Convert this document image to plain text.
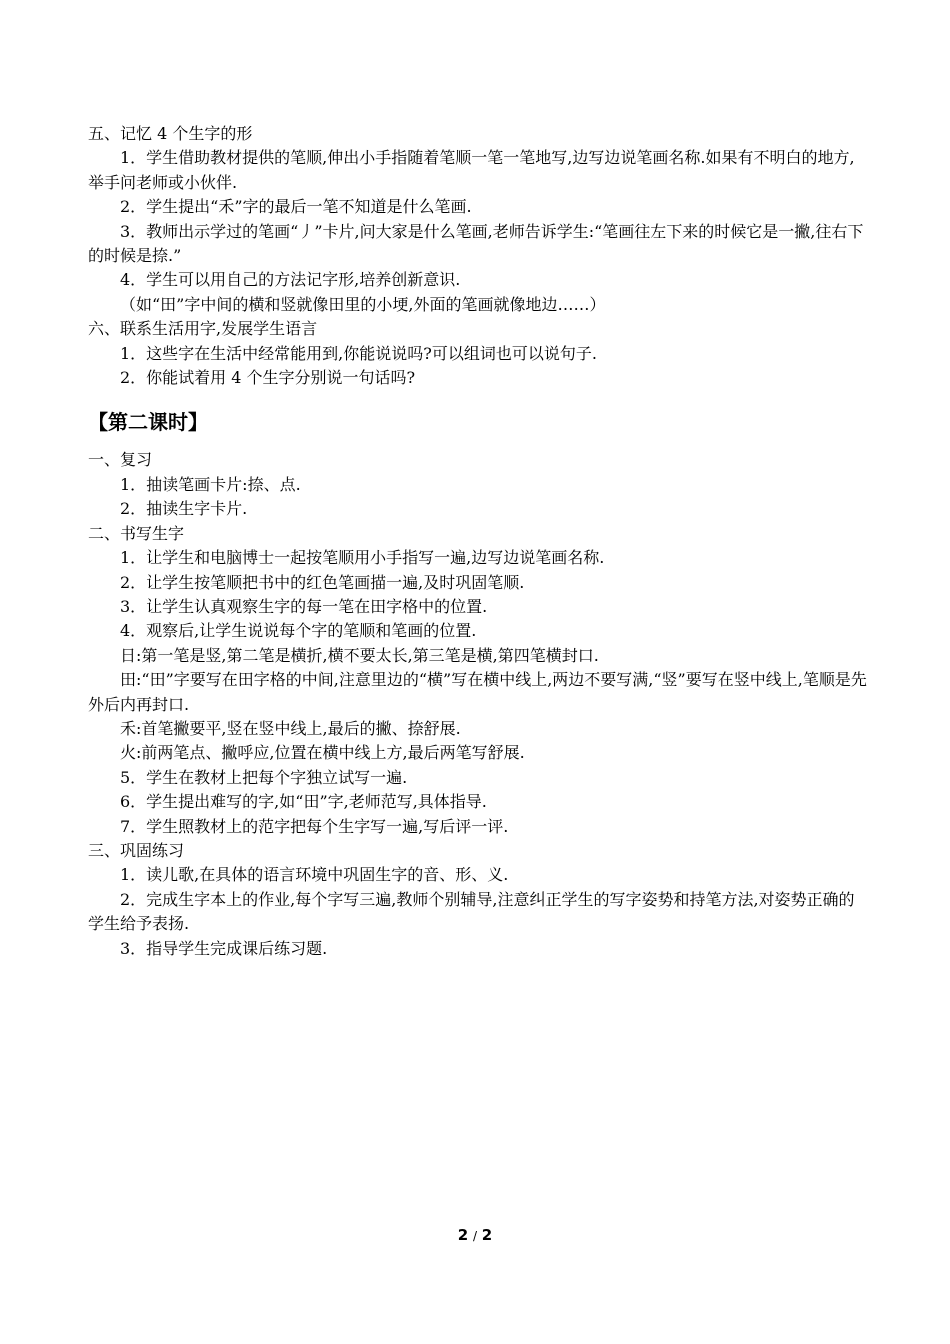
五、记忆 4 个生字的形

1．学生借助教材提供的笔顺,伸出小手指随着笔顺一笔一笔地写,边写边说笔画名称.如果有不明白的地方,举手问老师或小伙伴.

2．学生提出“禾”字的最后一笔不知道是什么笔画.

3．教师出示学过的笔画“丿”卡片,问大家是什么笔画,老师告诉学生:“笔画往左下来的时候它是一撇,往右下的时候是捺.”

4．学生可以用自己的方法记字形,培养创新意识.

（如“田”字中间的横和竖就像田里的小埂,外面的笔画就像地边……）

六、联系生活用字,发展学生语言

1．这些字在生活中经常能用到,你能说说吗?可以组词也可以说句子.

2．你能试着用 4 个生字分别说一句话吗?

【第二课时】

一、复习

1．抽读笔画卡片:捺、点.

2．抽读生字卡片.

二、书写生字

1．让学生和电脑博士一起按笔顺用小手指写一遍,边写边说笔画名称.

2．让学生按笔顺把书中的红色笔画描一遍,及时巩固笔顺.

3．让学生认真观察生字的每一笔在田字格中的位置.

4．观察后,让学生说说每个字的笔顺和笔画的位置.

日:第一笔是竖,第二笔是横折,横不要太长,第三笔是横,第四笔横封口.

田:“田”字要写在田字格的中间,注意里边的“横”写在横中线上,两边不要写满,“竖”要写在竖中线上,笔顺是先外后内再封口.

禾:首笔撇要平,竖在竖中线上,最后的撇、捺舒展.

火:前两笔点、撇呼应,位置在横中线上方,最后两笔写舒展.

5．学生在教材上把每个字独立试写一遍.

6．学生提出难写的字,如“田”字,老师范写,具体指导.

7．学生照教材上的范字把每个生字写一遍,写后评一评.

三、巩固练习

1．读儿歌,在具体的语言环境中巩固生字的音、形、义.

2．完成生字本上的作业,每个字写三遍,教师个别辅导,注意纠正学生的写字姿势和持笔方法,对姿势正确的学生给予表扬.

3．指导学生完成课后练习题.

2 / 2
